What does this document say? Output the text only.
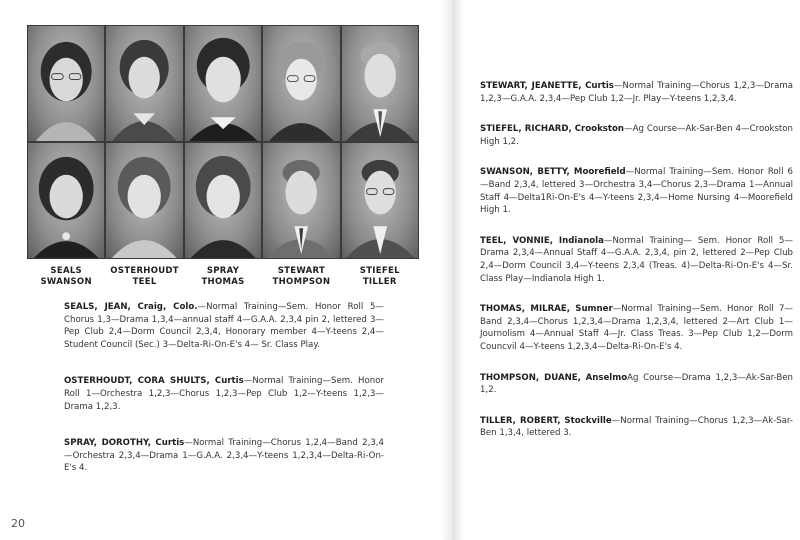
SEALS
SWANSON
OSTERHOUDT
TEEL
SPRAY
THOMAS
STEWART
THOMPSON
STIEFEL
TILLER

SEALS, JEAN, Craig, Colo.—Normal Training—Sem. Honor Roll 5—Chorus 1,3—Drama 1,3,4—annual staff 4—G.A.A. 2,3,4 pin 2, lettered 3—Pep Club 2,4—Dorm Council 2,3,4, Honorary member 4—Y-teens 2,4—Student Council (Sec.) 3—Delta-Ri-On-E's 4— Sr. Class Play.

OSTERHOUDT, CORA SHULTS, Curtis—Normal Training—Sem. Honor Roll 1—Orchestra 1,2,3—Chorus 1,2,3—Pep Club 1,2—Y-teens 1,2,3—Drama 1,2,3.

SPRAY, DOROTHY, Curtis—Normal Training—Chorus 1,2,4—Band 2,3,4—Orchestra 2,3,4—Drama 1—G.A.A. 2,3,4—Y-teens 1,2,3,4—Delta-Ri-On-E's 4.

STEWART, JEANETTE, Curtis—Normal Training—Chorus 1,2,3—Drama 1,2,3—G.A.A. 2,3,4—Pep Club 1,2—Jr. Play—Y-teens 1,2,3,4.

STIEFEL, RICHARD, Crookston—Ag Course—Ak-Sar-Ben 4—Crookston High 1,2.

SWANSON, BETTY, Moorefield—Normal Training—Sem. Honor Roll 6—Band 2,3,4, lettered 3—Orchestra 3,4—Chorus 2,3—Drama 1—Annual Staff 4—Delta1Ri-On-E's 4—Y-teens 2,3,4—Home Nursing 4—Moorefield High 1.

TEEL, VONNIE, Indianola—Normal Training— Sem. Honor Roll 5—Drama 2,3,4—Annual Staff 4—G.A.A. 2,3,4, pin 2, lettered 2—Pep Club 2,4—Dorm Council 3,4—Y-teens 2,3,4 (Treas. 4)—Delta-Ri-On-E's 4—Sr. Class Play—Indianola High 1.

THOMAS, MILRAE, Sumner—Normal Training—Sem. Honor Roll 7—Band 2,3,4—Chorus 1,2,3,4—Drama 1,2,3,4, lettered 2—Art Club 1—Journolism 4—Annual Staff 4—Jr. Class Treas. 3—Pep Club 1,2—Dorm Councvil 4—Y-teens 1,2,3,4—Delta-Ri-On-E's 4.

THOMPSON, DUANE, AnselmoAg Course—Drama 1,2,3—Ak-Sar-Ben 1,2.

TILLER, ROBERT, Stockville—Normal Training—Chorus 1,2,3—Ak-Sar-Ben 1,3,4, lettered 3.

20
